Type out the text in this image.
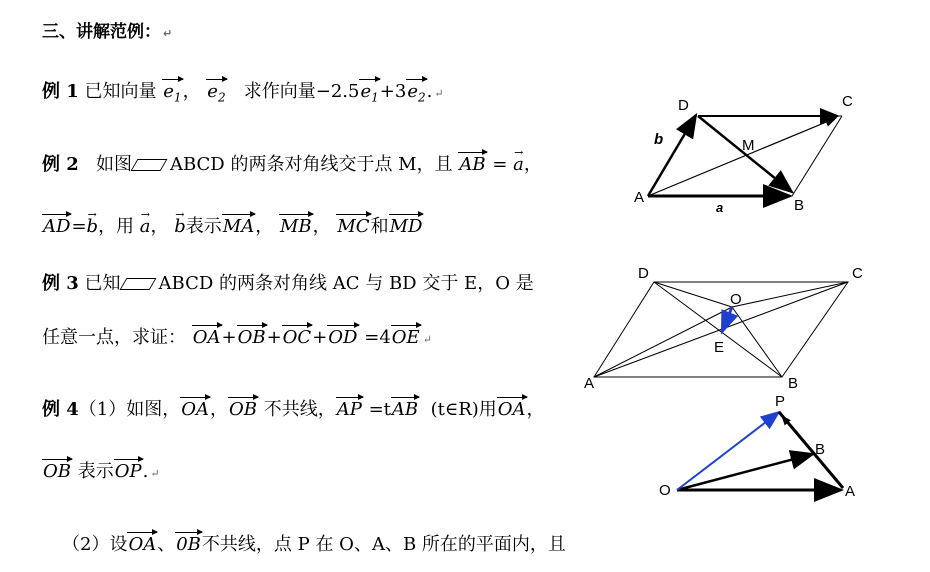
三、讲解范例： ↵
例 1 已知向量 $e_1$， $e_2$ 求作向量$-2.5e_1+3e_2$. ↵
例 2 如图 ABCD 的两条对角线交于点 M，且 AB = a →，
AD=b →，用 a →， b →表示MA， MB， MC和MD
例 3 已知 ABCD 的两条对角线 AC 与 BD 交于 E，O 是
任意一点，求证： OA+OB+OC+OD =4OE ↵
例 4（1）如图，OA，OB 不共线，AP =tAB (t∈R)用OA，
OB 表示OP. ↵
（2）设OA、0B不共线，点 P 在 O、A、B 所在的平面内，且
D	C
M
b
A
a	B
D	C
O
E
A	B
P
B
O	A
